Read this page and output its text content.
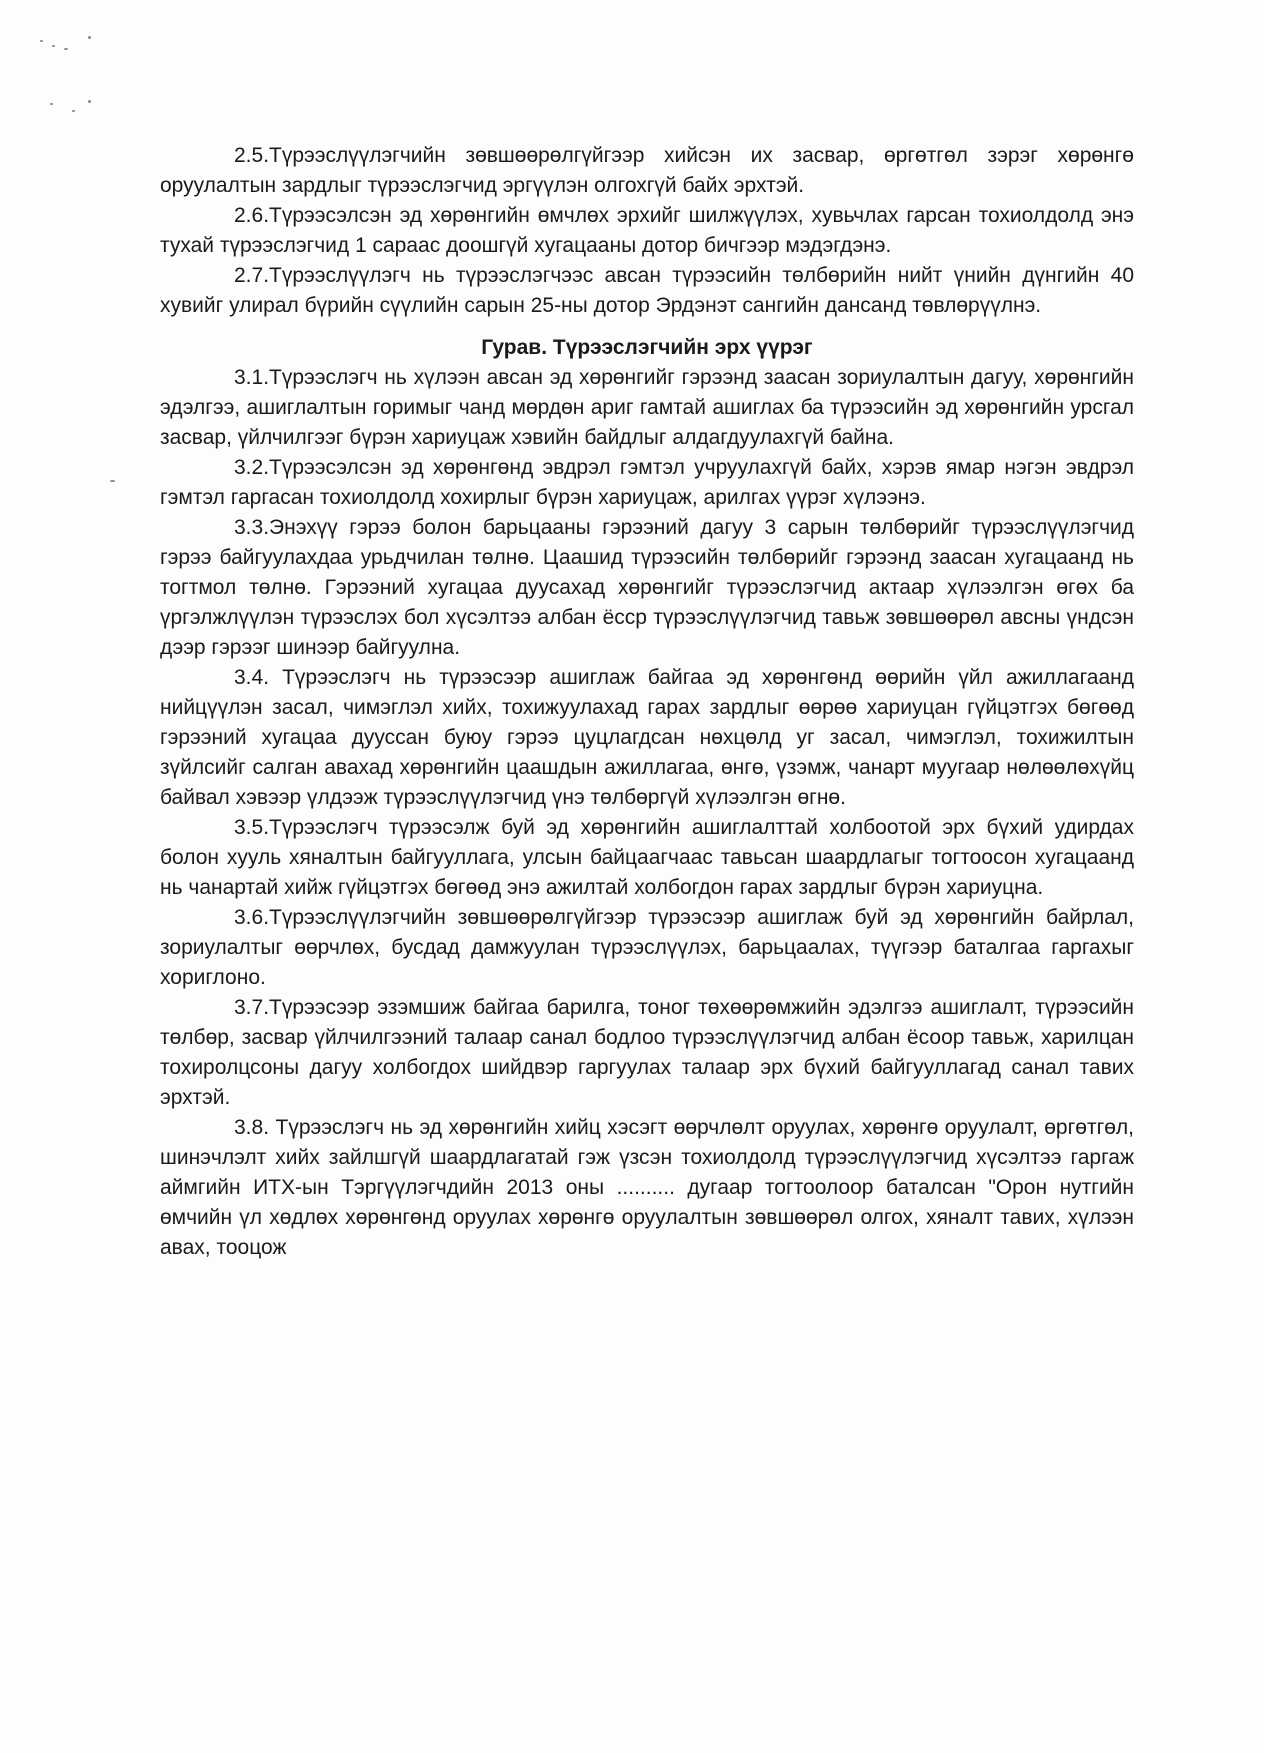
2.5.Түрээслүүлэгчийн зөвшөөрөлгүйгээр хийсэн их засвар, өргөтгөл зэрэг хөрөнгө оруулалтын зардлыг түрээслэгчид эргүүлэн олгохгүй байх эрхтэй.

2.6.Түрээсэлсэн эд хөрөнгийн өмчлөх эрхийг шилжүүлэх, хувьчлах гарсан тохиолдолд энэ тухай түрээслэгчид 1 сараас доошгүй хугацааны дотор бичгээр мэдэгдэнэ.

2.7.Түрээслүүлэгч нь түрээслэгчээс авсан түрээсийн төлбөрийн нийт үнийн дүнгийн 40 хувийг улирал бүрийн сүүлийн сарын 25-ны дотор Эрдэнэт сангийн дансанд төвлөрүүлнэ.

Гурав. Түрээслэгчийн эрх үүрэг

3.1.Түрээслэгч нь хүлээн авсан эд хөрөнгийг гэрээнд заасан зориулалтын дагуу, хөрөнгийн эдэлгээ, ашиглалтын горимыг чанд мөрдөн ариг гамтай ашиглах ба түрээсийн эд хөрөнгийн урсгал засвар, үйлчилгээг бүрэн хариуцаж хэвийн байдлыг алдагдуулахгүй байна.

3.2.Түрээсэлсэн эд хөрөнгөнд эвдрэл гэмтэл учруулахгүй байх, хэрэв ямар нэгэн эвдрэл гэмтэл гаргасан тохиолдолд хохирлыг бүрэн хариуцаж, арилгах үүрэг хүлээнэ.

3.3.Энэхүү гэрээ болон барьцааны гэрээний дагуу 3 сарын төлбөрийг түрээслүүлэгчид гэрээ байгуулахдаа урьдчилан төлнө. Цаашид түрээсийн төлбөрийг гэрээнд заасан хугацаанд нь тогтмол төлнө. Гэрээний хугацаа дуусахад хөрөнгийг түрээслэгчид актаар хүлээлгэн өгөх ба үргэлжлүүлэн түрээслэх бол хүсэлтээ албан ёсср түрээслүүлэгчид тавьж зөвшөөрөл авсны үндсэн дээр гэрээг шинээр байгуулна.

3.4. Түрээслэгч нь түрээсээр ашиглаж байгаа эд хөрөнгөнд өөрийн үйл ажиллагаанд нийцүүлэн засал, чимэглэл хийх, тохижуулахад гарах зардлыг өөрөө хариуцан гүйцэтгэх бөгөөд гэрээний хугацаа дууссан буюу гэрээ цуцлагдсан нөхцөлд уг засал, чимэглэл, тохижилтын зүйлсийг салган авахад хөрөнгийн цаашдын ажиллагаа, өнгө, үзэмж, чанарт муугаар нөлөөлөхүйц байвал хэвээр үлдээж түрээслүүлэгчид үнэ төлбөргүй хүлээлгэн өгнө.

3.5.Түрээслэгч түрээсэлж буй эд хөрөнгийн ашиглалттай холбоотой эрх бүхий удирдах болон хууль хяналтын байгууллага, улсын байцаагчаас тавьсан шаардлагыг тогтоосон хугацаанд нь чанартай хийж гүйцэтгэх бөгөөд энэ ажилтай холбогдон гарах зардлыг бүрэн хариуцна.

3.6.Түрээслүүлэгчийн зөвшөөрөлгүйгээр түрээсээр ашиглаж буй эд хөрөнгийн байрлал, зориулалтыг өөрчлөх, бусдад дамжуулан түрээслүүлэх, барьцаалах, түүгээр баталгаа гаргахыг хориглоно.

3.7.Түрээсээр эзэмшиж байгаа барилга, тоног төхөөрөмжийн эдэлгээ ашиглалт, түрээсийн төлбөр, засвар үйлчилгээний талаар санал бодлоо түрээслүүлэгчид албан ёсоор тавьж, харилцан тохиролцсоны дагуу холбогдох шийдвэр гаргуулах талаар эрх бүхий байгууллагад санал тавих эрхтэй.

3.8. Түрээслэгч нь эд хөрөнгийн хийц хэсэгт өөрчлөлт оруулах, хөрөнгө оруулалт, өргөтгөл, шинэчлэлт хийх зайлшгүй шаардлагатай гэж үзсэн тохиолдолд түрээслүүлэгчид хүсэлтээ гаргаж аймгийн ИТХ-ын Тэргүүлэгчдийн 2013 оны .......... дугаар тогтоолоор баталсан "Орон нутгийн өмчийн үл хөдлөх хөрөнгөнд оруулах хөрөнгө оруулалтын зөвшөөрөл олгох, хяналт тавих, хүлээн авах, тооцож
